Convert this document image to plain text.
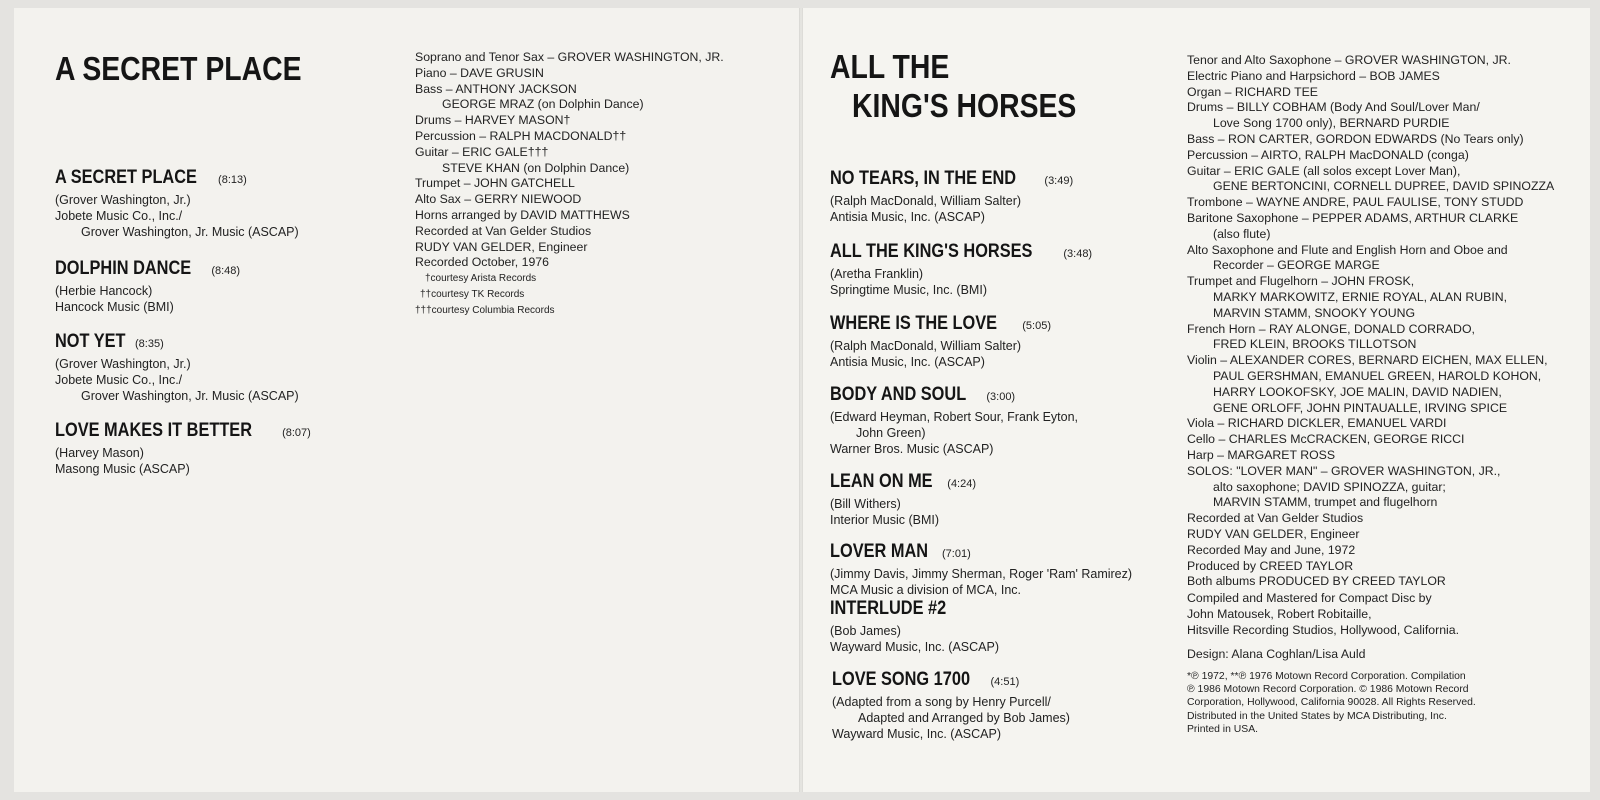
A SECRET PLACE
A SECRET PLACE (8:13)
(Grover Washington, Jr.)
Jobete Music Co., Inc./
Grover Washington, Jr. Music (ASCAP)
DOLPHIN DANCE (8:48)
(Herbie Hancock)
Hancock Music (BMI)
NOT YET (8:35)
(Grover Washington, Jr.)
Jobete Music Co., Inc./
Grover Washington, Jr. Music (ASCAP)
LOVE MAKES IT BETTER	(8:07)
(Harvey Mason)
Masong Music (ASCAP)
Soprano and Tenor Sax – GROVER WASHINGTON, JR.
Piano – DAVE GRUSIN
Bass – ANTHONY JACKSON
GEORGE MRAZ (on Dolphin Dance)
Drums – HARVEY MASON†
Percussion – RALPH MACDONALD††
Guitar – ERIC GALE†††
STEVE KHAN (on Dolphin Dance)
Trumpet – JOHN GATCHELL
Alto Sax – GERRY NIEWOOD
Horns arranged by DAVID MATTHEWS
Recorded at Van Gelder Studios
RUDY VAN GELDER, Engineer
Recorded October, 1976
†courtesy Arista Records
††courtesy TK Records
†††courtesy Columbia Records
ALL THE
KING'S HORSES
NO TEARS, IN THE END	(3:49)
(Ralph MacDonald, William Salter)
Antisia Music, Inc. (ASCAP)
ALL THE KING'S HORSES	(3:48)
(Aretha Franklin)
Springtime Music, Inc. (BMI)
WHERE IS THE LOVE (5:05)
(Ralph MacDonald, William Salter)
Antisia Music, Inc. (ASCAP)
BODY AND SOUL (3:00)
(Edward Heyman, Robert Sour, Frank Eyton,
John Green)
Warner Bros. Music (ASCAP)
LEAN ON ME (4:24)
(Bill Withers)
Interior Music (BMI)
LOVER MAN (7:01)
(Jimmy Davis, Jimmy Sherman, Roger 'Ram' Ramirez)
MCA Music a division of MCA, Inc.
INTERLUDE #2
(Bob James)
Wayward Music, Inc. (ASCAP)
LOVE SONG 1700 (4:51)
(Adapted from a song by Henry Purcell/
Adapted and Arranged by Bob James)
Wayward Music, Inc. (ASCAP)
Tenor and Alto Saxophone – GROVER WASHINGTON, JR.
Electric Piano and Harpsichord – BOB JAMES
Organ – RICHARD TEE
Drums – BILLY COBHAM (Body And Soul/Lover Man/
Love Song 1700 only), BERNARD PURDIE
Bass – RON CARTER, GORDON EDWARDS (No Tears only)
Percussion – AIRTO, RALPH MacDONALD (conga)
Guitar – ERIC GALE (all solos except Lover Man),
GENE BERTONCINI, CORNELL DUPREE, DAVID SPINOZZA
Trombone – WAYNE ANDRE, PAUL FAULISE, TONY STUDD
Baritone Saxophone – PEPPER ADAMS, ARTHUR CLARKE
(also flute)
Alto Saxophone and Flute and English Horn and Oboe and
Recorder – GEORGE MARGE
Trumpet and Flugelhorn – JOHN FROSK,
MARKY MARKOWITZ, ERNIE ROYAL, ALAN RUBIN,
MARVIN STAMM, SNOOKY YOUNG
French Horn – RAY ALONGE, DONALD CORRADO,
FRED KLEIN, BROOKS TILLOTSON
Violin – ALEXANDER CORES, BERNARD EICHEN, MAX ELLEN,
PAUL GERSHMAN, EMANUEL GREEN, HAROLD KOHON,
HARRY LOOKOFSKY, JOE MALIN, DAVID NADIEN,
GENE ORLOFF, JOHN PINTAUALLE, IRVING SPICE
Viola – RICHARD DICKLER, EMANUEL VARDI
Cello – CHARLES McCRACKEN, GEORGE RICCI
Harp – MARGARET ROSS
SOLOS: "LOVER MAN" – GROVER WASHINGTON, JR.,
alto saxophone; DAVID SPINOZZA, guitar;
MARVIN STAMM, trumpet and flugelhorn
Recorded at Van Gelder Studios
RUDY VAN GELDER, Engineer
Recorded May and June, 1972
Produced by CREED TAYLOR
Both albums PRODUCED BY CREED TAYLOR
Compiled and Mastered for Compact Disc by
John Matousek, Robert Robitaille,
Hitsville Recording Studios, Hollywood, California.
Design: Alana Coghlan/Lisa Auld
*℗ 1972, **℗ 1976 Motown Record Corporation. Compilation
℗ 1986 Motown Record Corporation. © 1986 Motown Record
Corporation, Hollywood, California 90028. All Rights Reserved.
Distributed in the United States by MCA Distributing, Inc.
Printed in USA.
